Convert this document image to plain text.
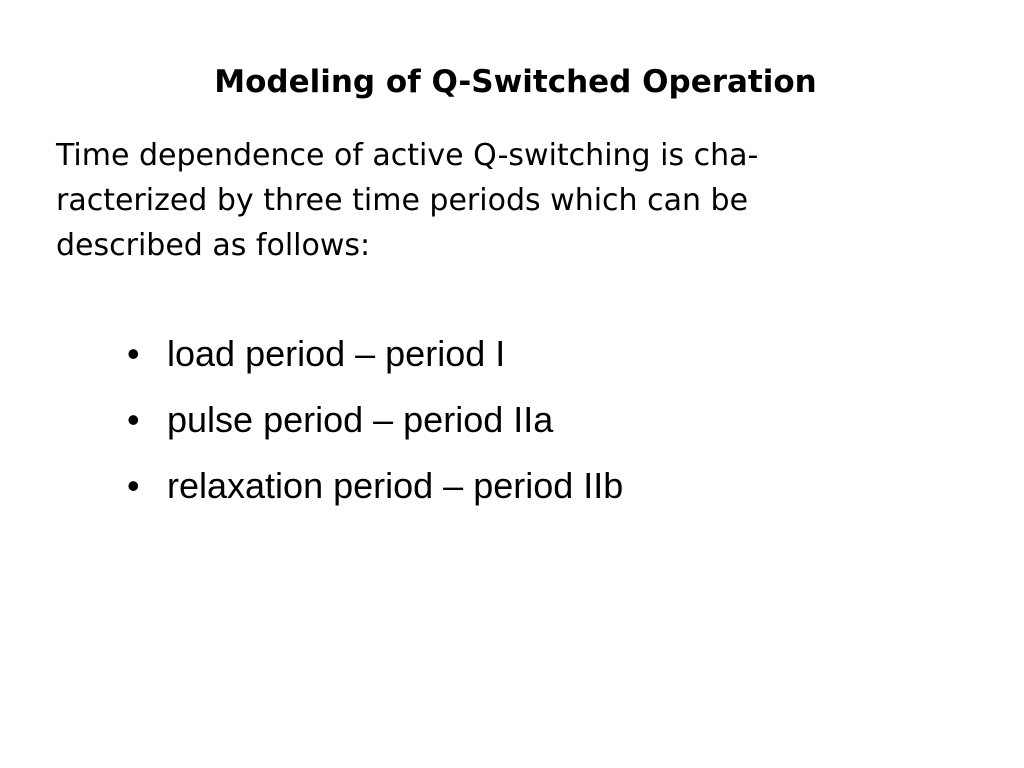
Modeling of Q-Switched Operation

Time dependence of active Q-switching is cha-
racterized by three time periods which can be
described as follows:

• load period – period I
• pulse period – period IIa
• relaxation period – period IIb
